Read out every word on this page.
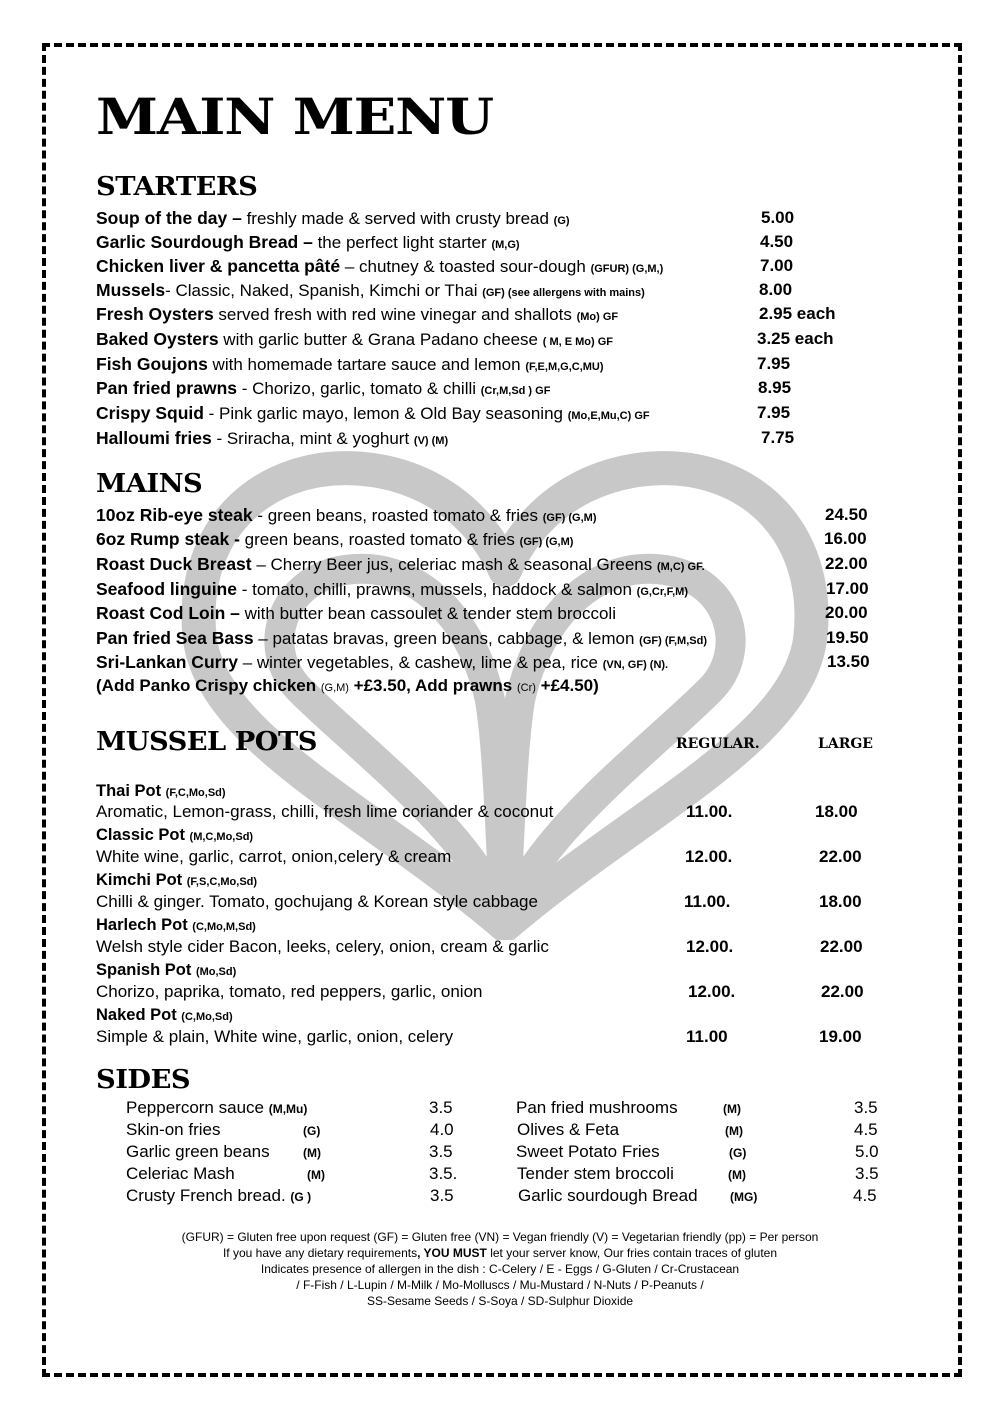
MAIN MENU
STARTERS
Soup of the day – freshly made & served with crusty bread (G)	5.00
Garlic Sourdough Bread – the perfect light starter (M,G)	4.50
Chicken liver & pancetta pâté – chutney & toasted sour-dough (GFUR) (G,M,)	7.00
Mussels- Classic, Naked, Spanish, Kimchi or Thai (GF) (see allergens with mains)	8.00
Fresh Oysters served fresh with red wine vinegar and shallots (Mo) GF	2.95 each
Baked Oysters with garlic butter & Grana Padano cheese ( M, E Mo) GF	3.25 each
Fish Goujons with homemade tartare sauce and lemon (F,E,M,G,C,MU)	7.95
Pan fried prawns - Chorizo, garlic, tomato & chilli (Cr,M,Sd ) GF	8.95
Crispy Squid - Pink garlic mayo, lemon & Old Bay seasoning (Mo,E,Mu,C) GF	7.95
Halloumi fries - Sriracha, mint & yoghurt (V) (M)	7.75
MAINS
10oz Rib-eye steak - green beans, roasted tomato & fries (GF) (G,M)	24.50
6oz Rump steak - green beans, roasted tomato & fries (GF) (G,M)	16.00
Roast Duck Breast – Cherry Beer jus, celeriac mash & seasonal Greens (M,C) GF.	22.00
Seafood linguine - tomato, chilli, prawns, mussels, haddock & salmon (G,Cr,F,M)	17.00
Roast Cod Loin – with butter bean cassoulet & tender stem broccoli	20.00
Pan fried Sea Bass – patatas bravas, green beans, cabbage, & lemon (GF) (F,M,Sd)	19.50
Sri-Lankan Curry – winter vegetables, & cashew, lime & pea, rice (VN, GF) (N).	13.50
(Add Panko Crispy chicken (G,M) +£3.50, Add prawns (Cr) +£4.50)
MUSSEL POTS	REGULAR.	LARGE
Thai Pot (F,C,Mo,Sd)
Aromatic, Lemon-grass, chilli, fresh lime coriander & coconut	11.00.	18.00
Classic Pot (M,C,Mo,Sd)
White wine, garlic, carrot, onion,celery & cream	12.00.	22.00
Kimchi Pot (F,S,C,Mo,Sd)
Chilli & ginger. Tomato, gochujang & Korean style cabbage	11.00.	18.00
Harlech Pot (C,Mo,M,Sd)
Welsh style cider Bacon, leeks, celery, onion, cream & garlic	12.00.	22.00
Spanish Pot (Mo,Sd)
Chorizo, paprika, tomato, red peppers, garlic, onion	12.00.	22.00
Naked Pot (C,Mo,Sd)
Simple & plain, White wine, garlic, onion, celery	11.00	19.00
SIDES
Peppercorn sauce (M,Mu)	3.5
Skin-on fries	(G)	4.0
Garlic green beans	(M)	3.5
Celeriac Mash	(M)	3.5.
Crusty French bread. (G )	3.5
Pan fried mushrooms	(M)	3.5
Olives & Feta	(M)	4.5
Sweet Potato Fries	(G)	5.0
Tender stem broccoli	(M)	3.5
Garlic sourdough Bread	(MG)	4.5
(GFUR) = Gluten free upon request (GF) = Gluten free (VN) = Vegan friendly (V) = Vegetarian friendly (pp) = Per person
If you have any dietary requirements, YOU MUST let your server know, Our fries contain traces of gluten
Indicates presence of allergen in the dish : C-Celery / E - Eggs / G-Gluten / Cr-Crustacean
/ F-Fish / L-Lupin / M-Milk / Mo-Molluscs / Mu-Mustard / N-Nuts / P-Peanuts /
SS-Sesame Seeds / S-Soya / SD-Sulphur Dioxide
